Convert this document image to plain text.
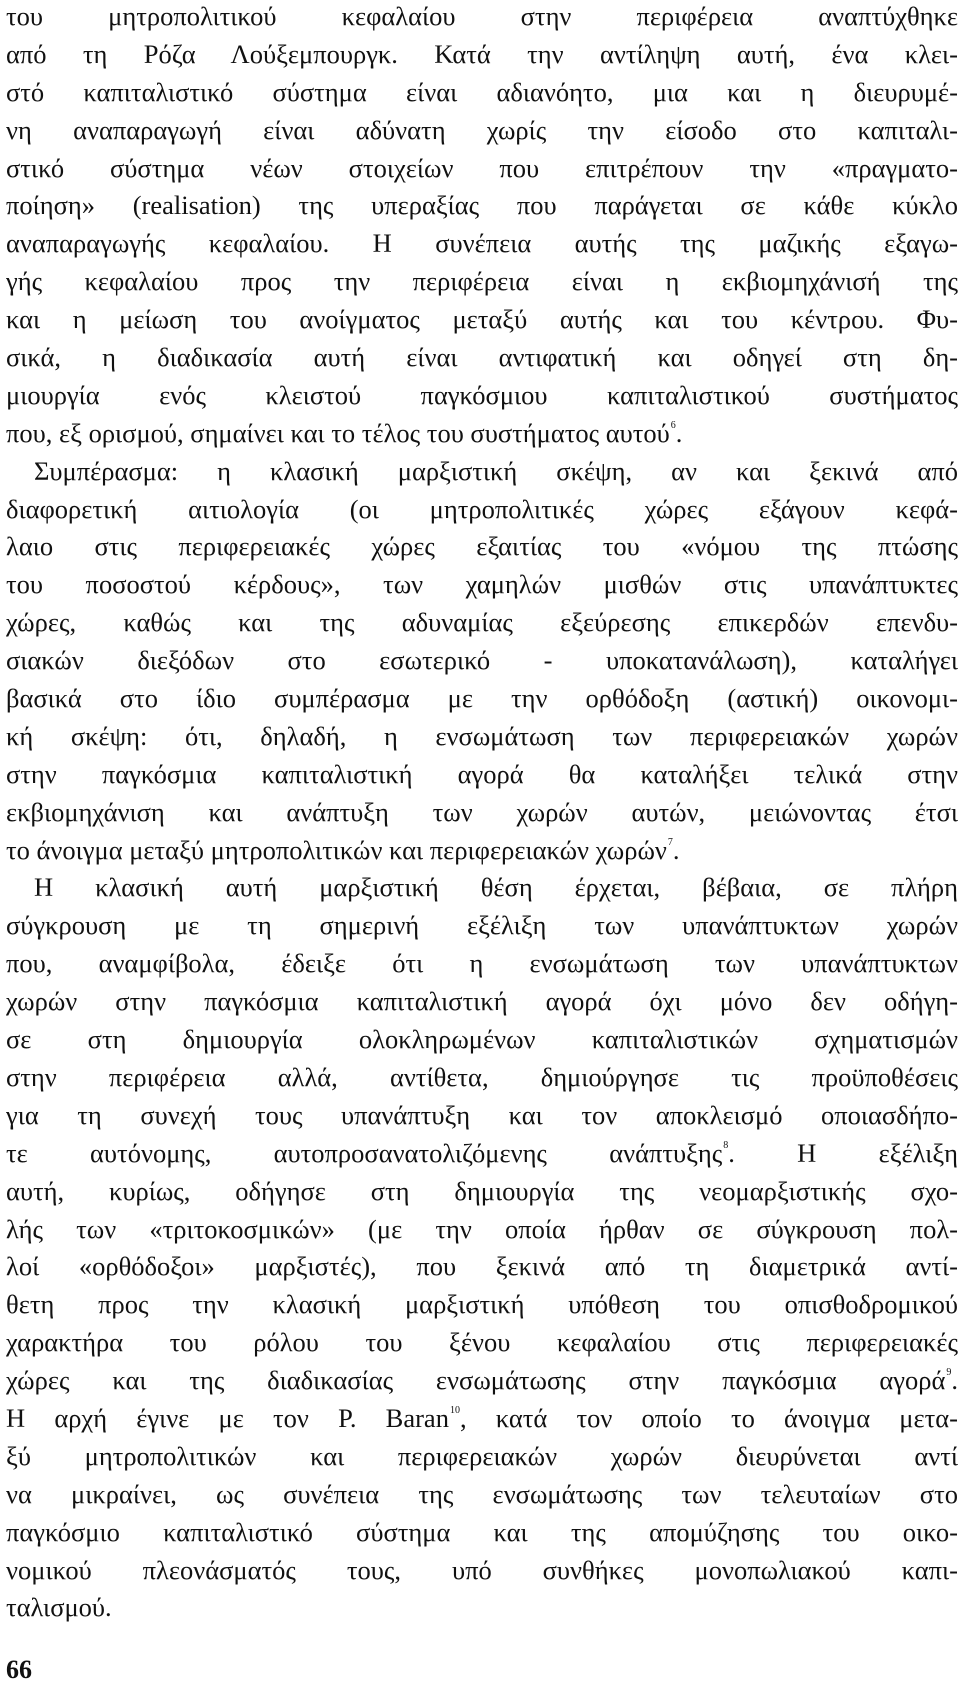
του μητροπολιτικού κεφαλαίου στην περιφέρεια αναπτύχθηκε
από τη Ρόζα Λούξεμπουργκ. Κατά την αντίληψη αυτή, ένα κλει-
στό καπιταλιστικό σύστημα είναι αδιανόητο, μια και η διευρυμέ-
νη αναπαραγωγή είναι αδύνατη χωρίς την είσοδο στο καπιταλι-
στικό σύστημα νέων στοιχείων που επιτρέπουν την «πραγματο-
ποίηση» (realisation) της υπεραξίας που παράγεται σε κάθε κύκλο
αναπαραγωγής κεφαλαίου. Η συνέπεια αυτής της μαζικής εξαγω-
γής κεφαλαίου προς την περιφέρεια είναι η εκβιομηχάνισή της
και η μείωση του ανοίγματος μεταξύ αυτής και του κέντρου. Φυ-
σικά, η διαδικασία αυτή είναι αντιφατική και οδηγεί στη δη-
μιουργία ενός κλειστού παγκόσμιου καπιταλιστικού συστήματος
που, εξ ορισμού, σημαίνει και το τέλος του συστήματος αυτού$^6$.
Συμπέρασμα: η κλασική μαρξιστική σκέψη, αν και ξεκινά από
διαφορετική αιτιολογία (οι μητροπολιτικές χώρες εξάγουν κεφά-
λαιο στις περιφερειακές χώρες εξαιτίας του «νόμου της πτώσης
του ποσοστού κέρδους», των χαμηλών μισθών στις υπανάπτυκτες
χώρες, καθώς και της αδυναμίας εξεύρεσης επικερδών επενδυ-
σιακών διεξόδων στο εσωτερικό - υποκατανάλωση), καταλήγει
βασικά στο ίδιο συμπέρασμα με την ορθόδοξη (αστική) οικονομι-
κή σκέψη: ότι, δηλαδή, η ενσωμάτωση των περιφερειακών χωρών
στην παγκόσμια καπιταλιστική αγορά θα καταλήξει τελικά στην
εκβιομηχάνιση και ανάπτυξη των χωρών αυτών, μειώνοντας έτσι
το άνοιγμα μεταξύ μητροπολιτικών και περιφερειακών χωρών$^7$.
Η κλασική αυτή μαρξιστική θέση έρχεται, βέβαια, σε πλήρη
σύγκρουση με τη σημερινή εξέλιξη των υπανάπτυκτων χωρών
που, αναμφίβολα, έδειξε ότι η ενσωμάτωση των υπανάπτυκτων
χωρών στην παγκόσμια καπιταλιστική αγορά όχι μόνο δεν οδήγη-
σε στη δημιουργία ολοκληρωμένων καπιταλιστικών σχηματισμών
στην περιφέρεια αλλά, αντίθετα, δημιούργησε τις προϋποθέσεις
για τη συνεχή τους υπανάπτυξη και τον αποκλεισμό οποιασδήπο-
τε αυτόνομης, αυτοπροσανατολιζόμενης ανάπτυξης$^8$. Η εξέλιξη
αυτή, κυρίως, οδήγησε στη δημιουργία της νεομαρξιστικής σχο-
λής των «τριτοκοσμικών» (με την οποία ήρθαν σε σύγκρουση πολ-
λοί «ορθόδοξοι» μαρξιστές), που ξεκινά από τη διαμετρικά αντί-
θετη προς την κλασική μαρξιστική υπόθεση του οπισθοδρομικού
χαρακτήρα του ρόλου του ξένου κεφαλαίου στις περιφερειακές
χώρες και της διαδικασίας ενσωμάτωσης στην παγκόσμια αγορά$^9$.
Η αρχή έγινε με τον P. Baran$^{10}$, κατά τον οποίο το άνοιγμα μετα-
ξύ μητροπολιτικών και περιφερειακών χωρών διευρύνεται αντί
να μικραίνει, ως συνέπεια της ενσωμάτωσης των τελευταίων στο
παγκόσμιο καπιταλιστικό σύστημα και της απομύζησης του οικο-
νομικού πλεονάσματός τους, υπό συνθήκες μονοπωλιακού καπι-
ταλισμού.
66
